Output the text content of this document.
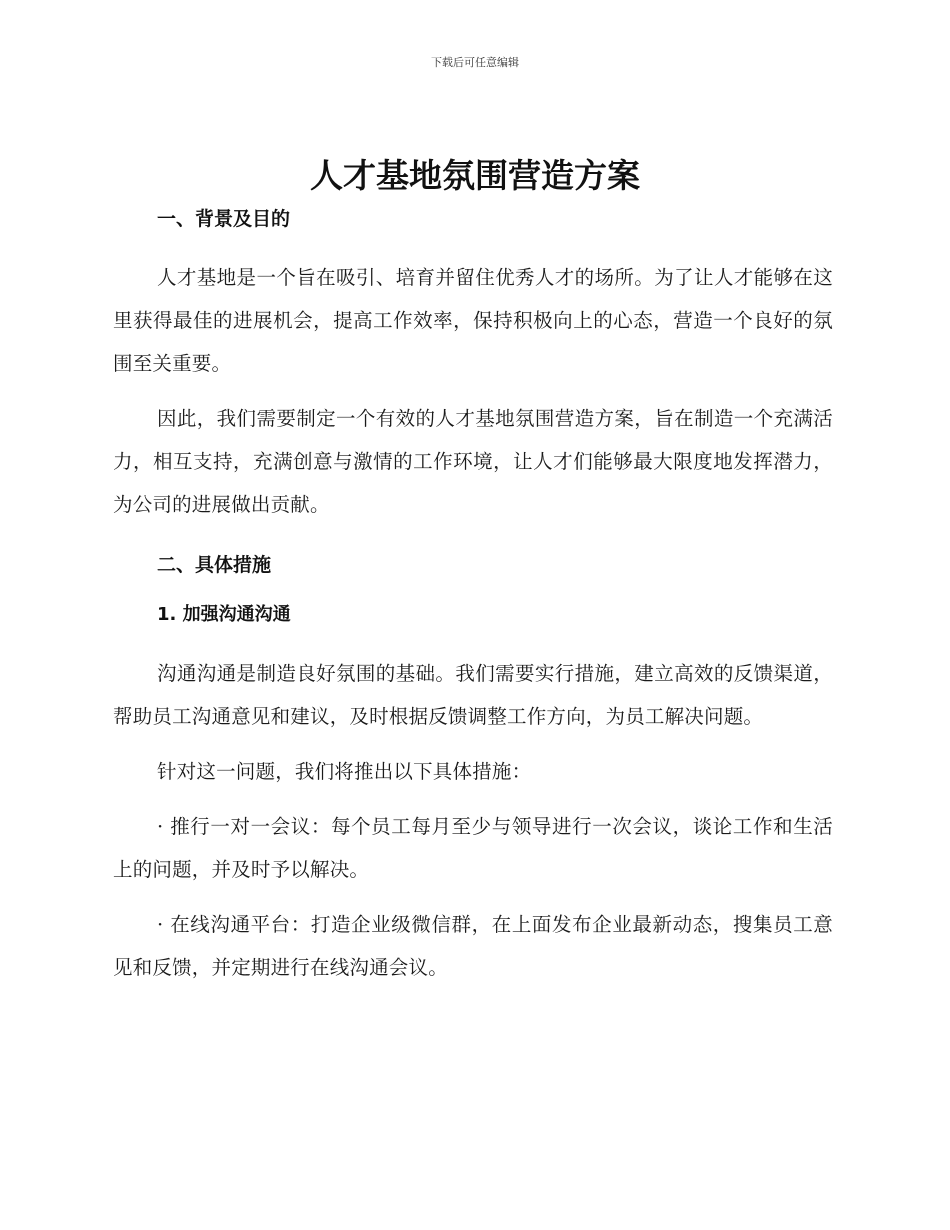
下载后可任意编辑
人才基地氛围营造方案
一、背景及目的

人才基地是一个旨在吸引、培育并留住优秀人才的场所。为了让人才能够在这里获得最佳的进展机会，提高工作效率，保持积极向上的心态，营造一个良好的氛围至关重要。

因此，我们需要制定一个有效的人才基地氛围营造方案，旨在制造一个充满活力，相互支持，充满创意与激情的工作环境，让人才们能够最大限度地发挥潜力，为公司的进展做出贡献。

二、具体措施
1. 加强沟通沟通

沟通沟通是制造良好氛围的基础。我们需要实行措施，建立高效的反馈渠道，帮助员工沟通意见和建议，及时根据反馈调整工作方向，为员工解决问题。

针对这一问题，我们将推出以下具体措施：

· 推行一对一会议：每个员工每月至少与领导进行一次会议，谈论工作和生活上的问题，并及时予以解决。

· 在线沟通平台：打造企业级微信群，在上面发布企业最新动态，搜集员工意见和反馈，并定期进行在线沟通会议。
